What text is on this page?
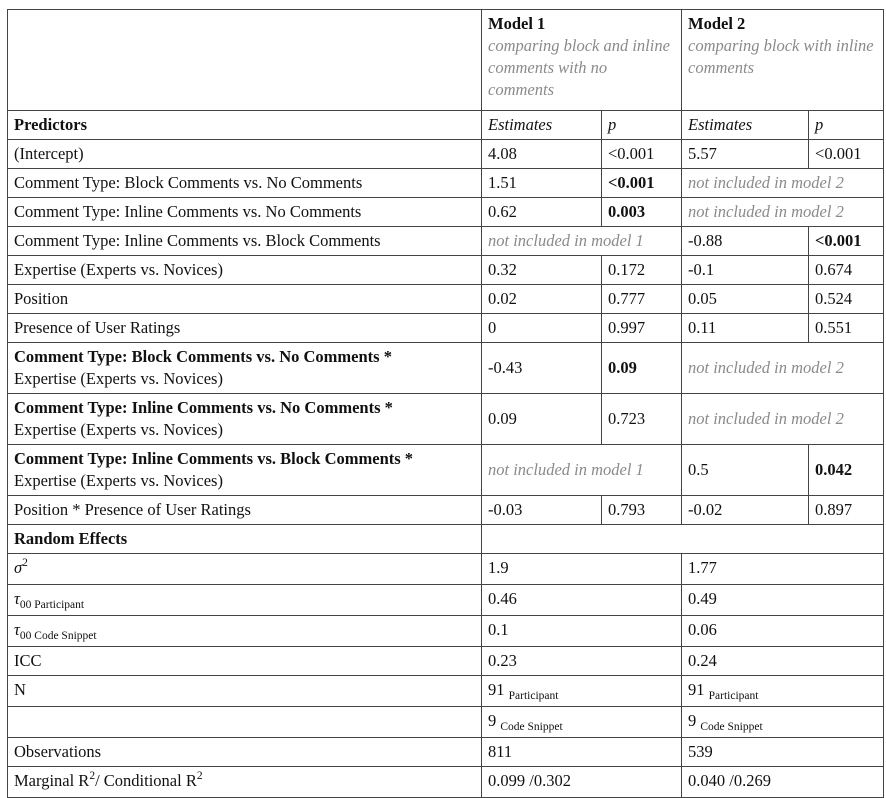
	Model 1
comparing block and inline comments with no comments		Model 2
comparing block with inline comments	
Predictors	Estimates	p	Estimates	p
(Intercept)	4.08	<0.001	5.57	<0.001
Comment Type: Block Comments vs. No Comments	1.51	<0.001	not included in model 2	
Comment Type: Inline Comments vs. No Comments	0.62	0.003	not included in model 2	
Comment Type: Inline Comments vs. Block Comments	not included in model 1		-0.88	<0.001
Expertise (Experts vs. Novices)	0.32	0.172	-0.1	0.674
Position	0.02	0.777	0.05	0.524
Presence of User Ratings	0	0.997	0.11	0.551
Comment Type: Block Comments vs. No Comments *
Expertise (Experts vs. Novices)	-0.43	0.09	not included in model 2	
Comment Type: Inline Comments vs. No Comments *
Expertise (Experts vs. Novices)	0.09	0.723	not included in model 2	
Comment Type: Inline Comments vs. Block Comments *
Expertise (Experts vs. Novices)	not included in model 1		0.5	0.042
Position * Presence of User Ratings	-0.03	0.793	-0.02	0.897
Random Effects				
$\sigma^2$	1.9		1.77	
$\tau_{00 Participant}$	0.46		0.49	
$\tau_{00 Code Snippet}$	0.1		0.06	
ICC	0.23		0.24	
N	91 $_{Participant}$		91 $_{Participant}$
	9 $_{Code Snippet}$		9 $_{Code Snippet}$
Observations	811		539	
Marginal $R^2/$ Conditional $R^2$	0.099 /0.302		0.040 /0.269	
